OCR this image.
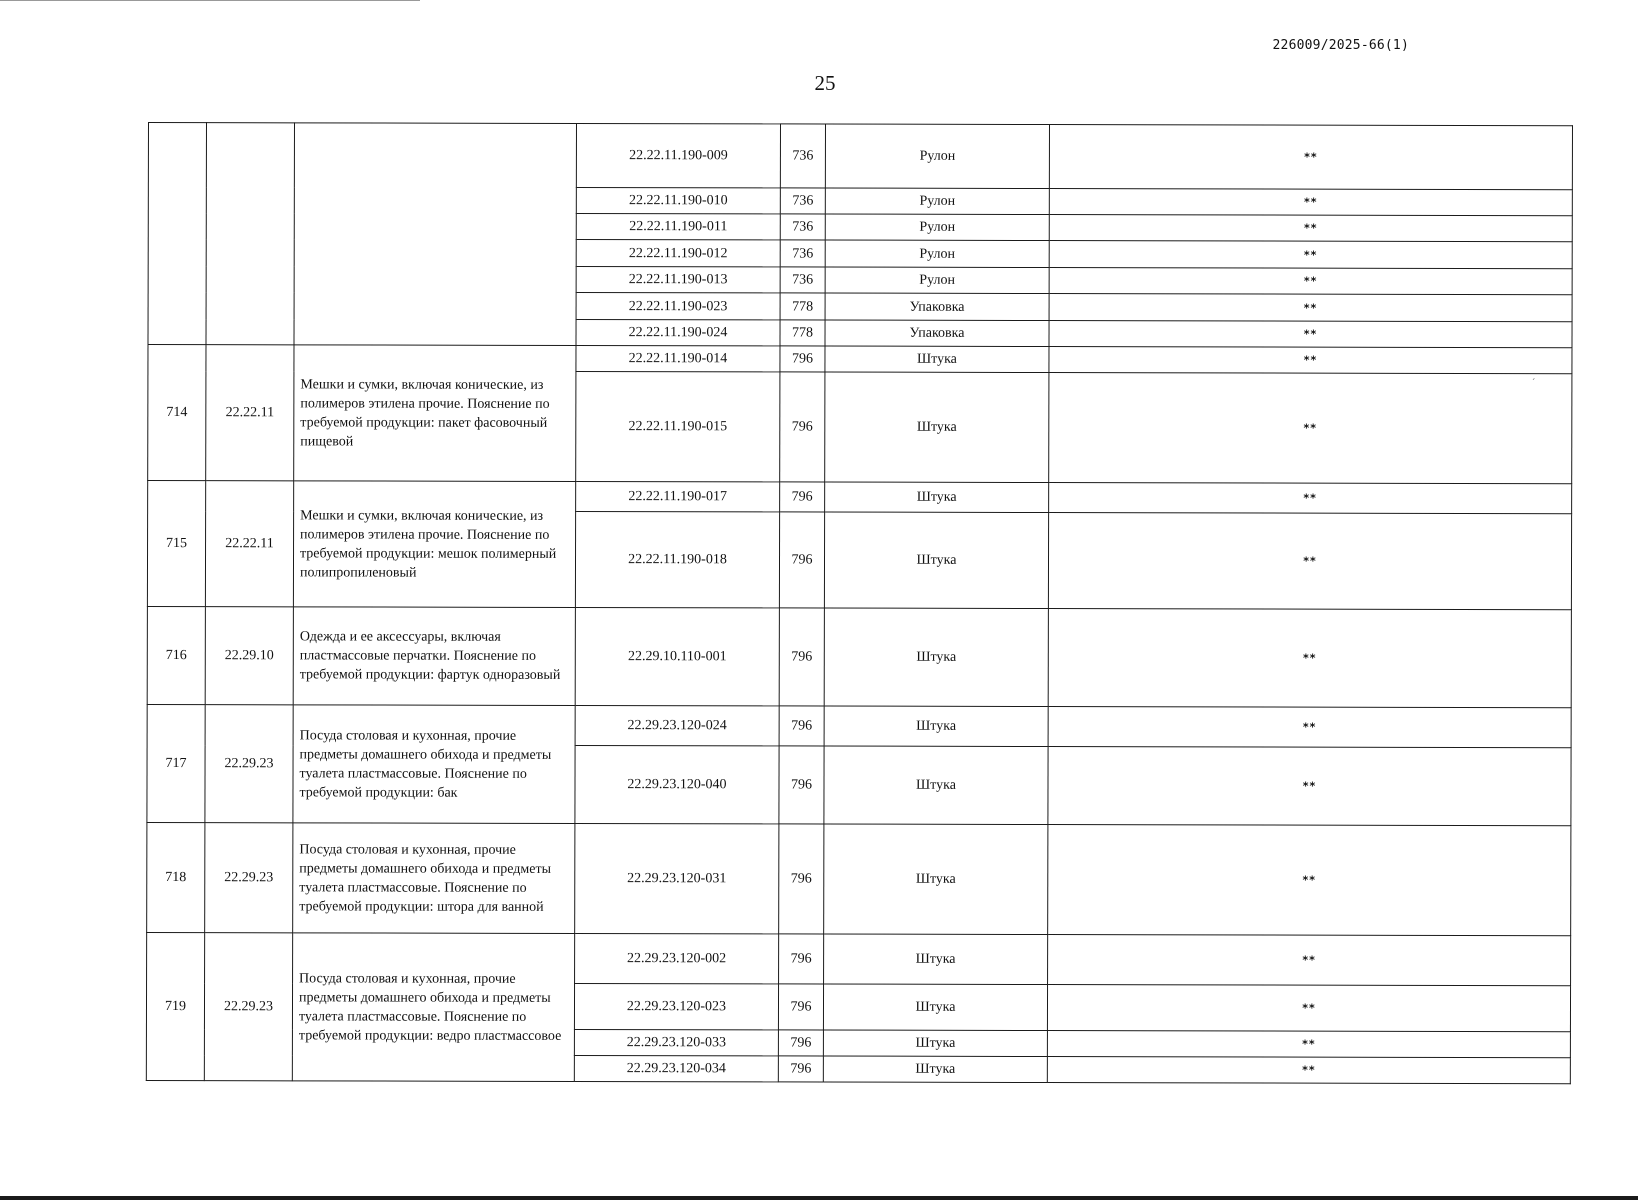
226009/2025-66(1)
25
			22.22.11.190-009	736	Рулон	**
			22.22.11.190-010	736	Рулон	**
			22.22.11.190-011	736	Рулон	**
			22.22.11.190-012	736	Рулон	**
			22.22.11.190-013	736	Рулон	**
			22.22.11.190-023	778	Упаковка	**
			22.22.11.190-024	778	Упаковка	**
714	22.22.11	Мешки и сумки, включая конические, из полимеров этилена прочие. Пояснение по требуемой продукции: пакет фасовочный пищевой	22.22.11.190-014	796	Штука	**
			22.22.11.190-015	796	Штука	**
715	22.22.11	Мешки и сумки, включая конические, из полимеров этилена прочие. Пояснение по требуемой продукции: мешок полимерный полипропиленовый	22.22.11.190-017	796	Штука	**
			22.22.11.190-018	796	Штука	**
716	22.29.10	Одежда и ее аксессуары, включая пластмассовые перчатки. Пояснение по требуемой продукции: фартук одноразовый	22.29.10.110-001	796	Штука	**
717	22.29.23	Посуда столовая и кухонная, прочие предметы домашнего обихода и предметы туалета пластмассовые. Пояснение по требуемой продукции: бак	22.29.23.120-024	796	Штука	**
			22.29.23.120-040	796	Штука	**
718	22.29.23	Посуда столовая и кухонная, прочие предметы домашнего обихода и предметы туалета пластмассовые. Пояснение по требуемой продукции: штора для ванной	22.29.23.120-031	796	Штука	**
719	22.29.23	Посуда столовая и кухонная, прочие предметы домашнего обихода и предметы туалета пластмассовые. Пояснение по требуемой продукции: ведро пластмассовое	22.29.23.120-002	796	Штука	**
			22.29.23.120-023	796	Штука	**
			22.29.23.120-033	796	Штука	**
			22.29.23.120-034	796	Штука	**
ˊ
